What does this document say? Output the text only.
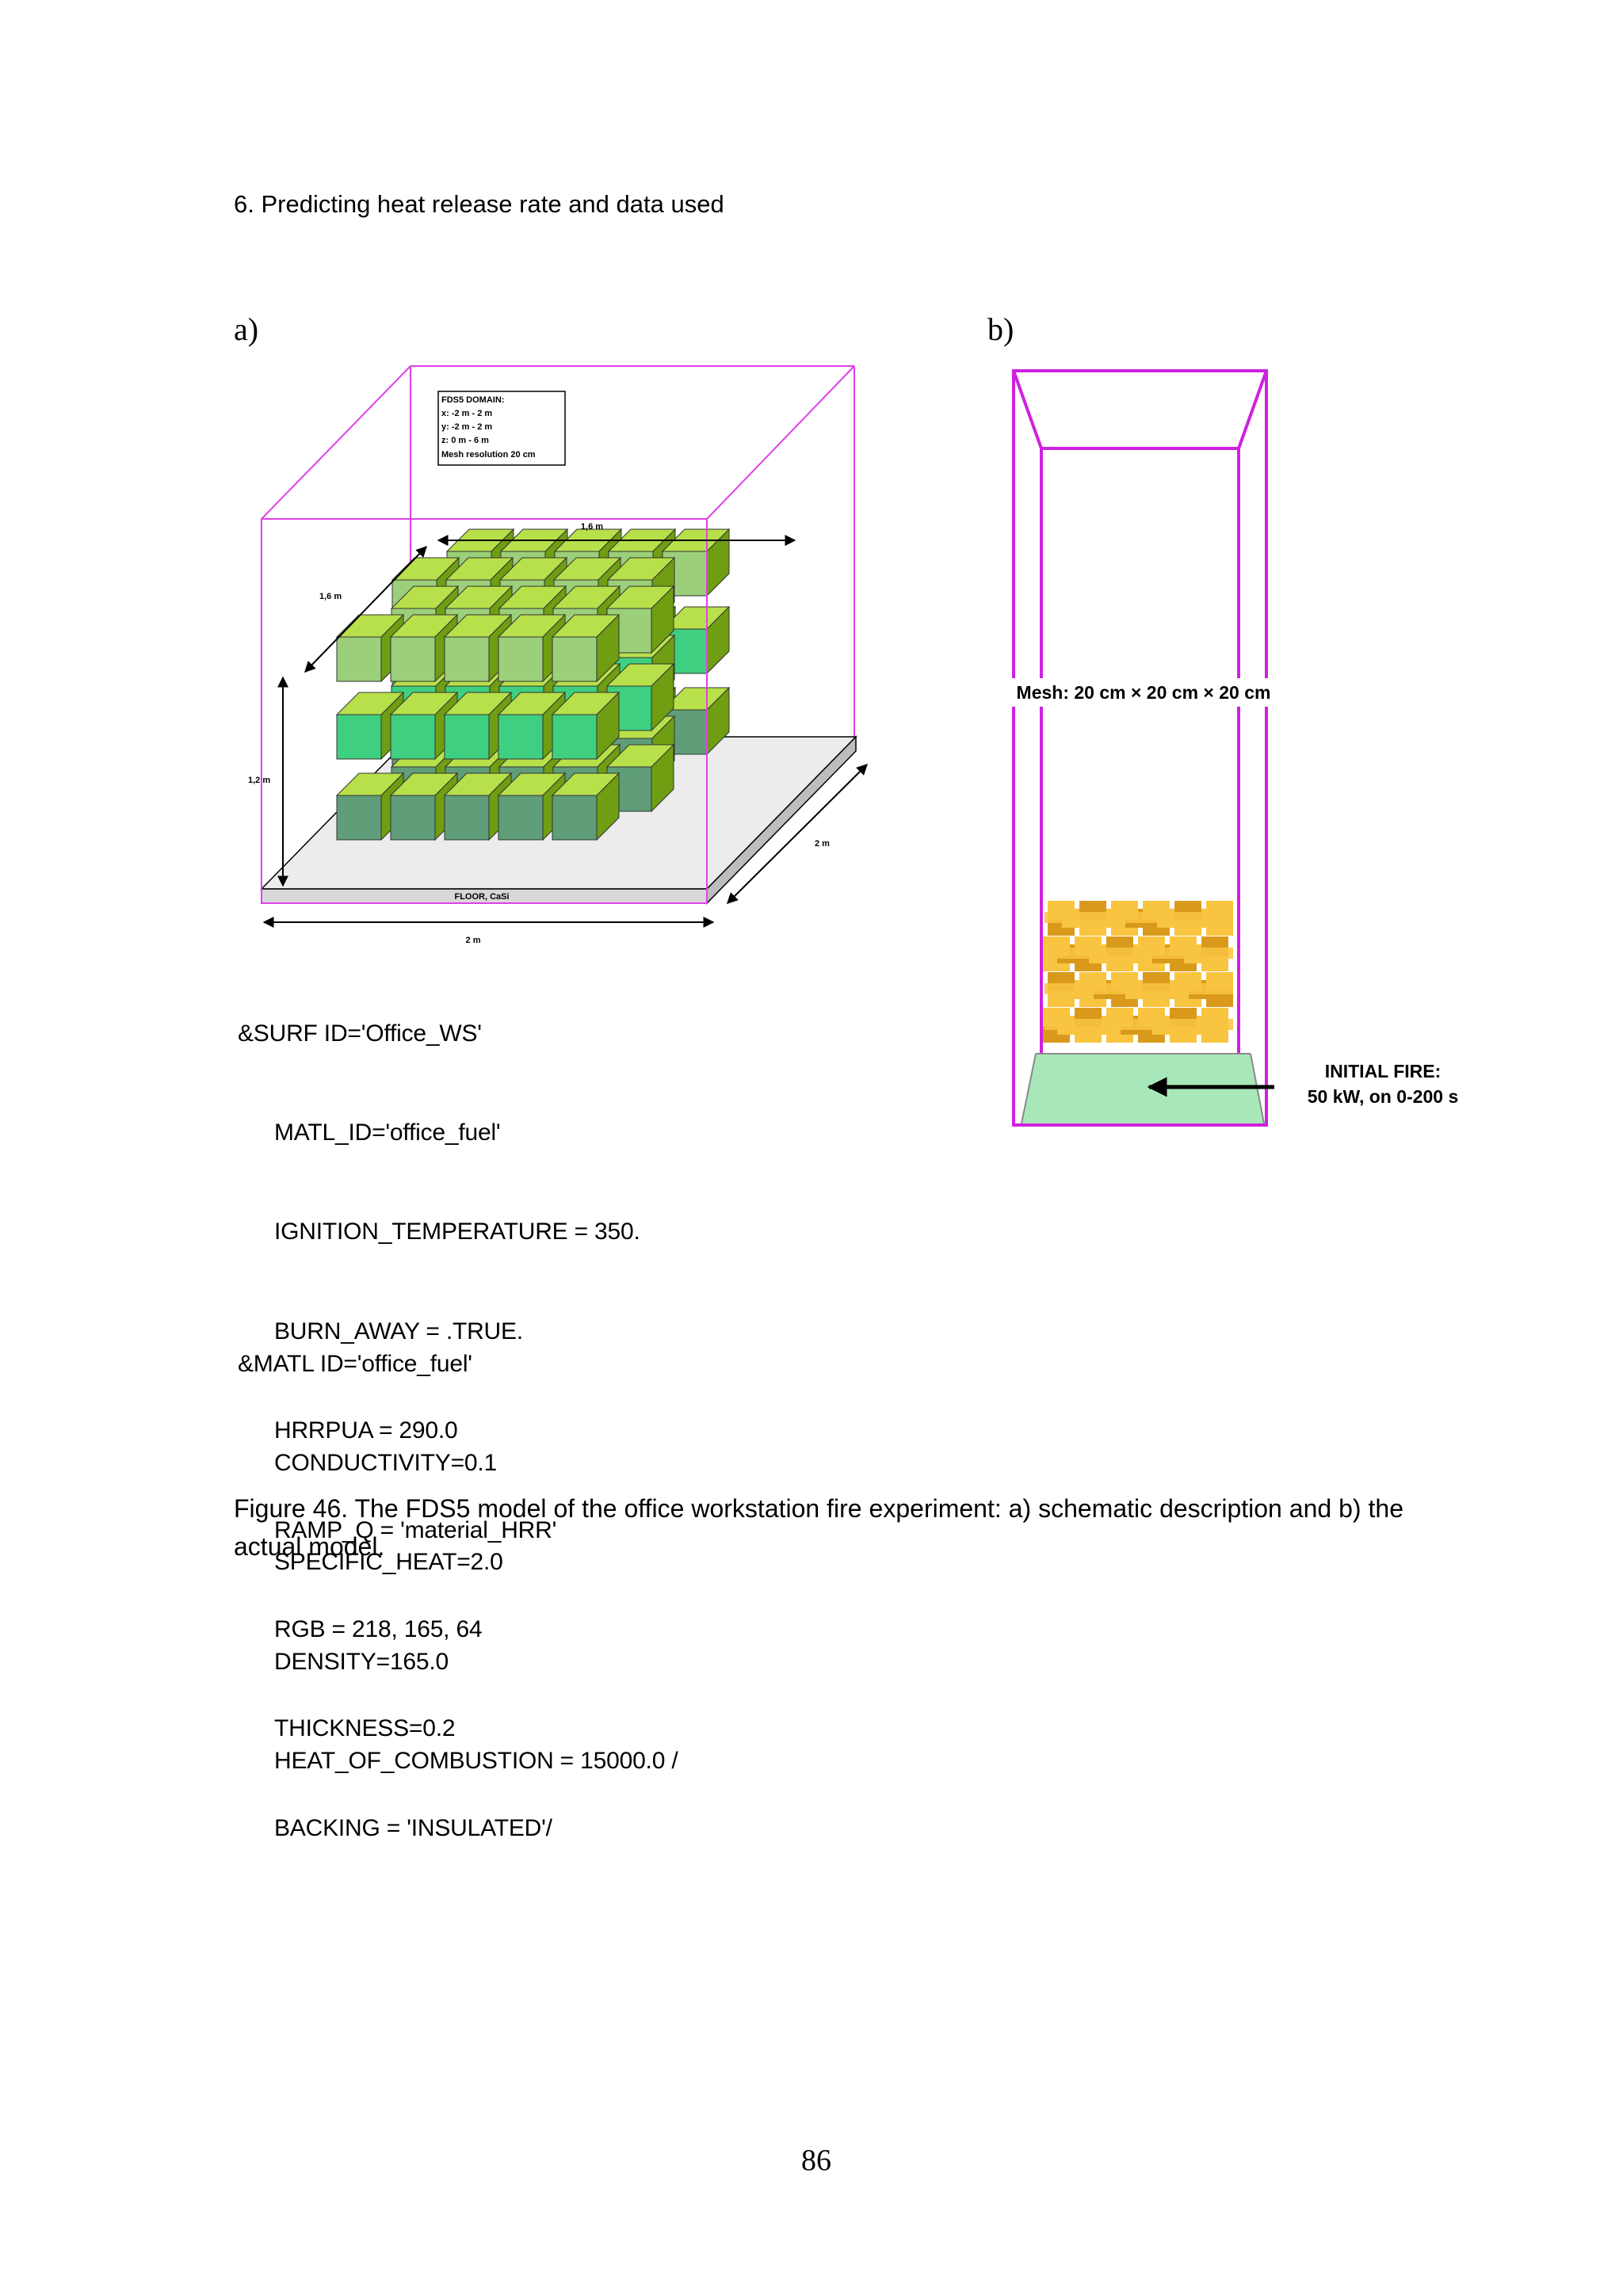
6. Predicting heat release rate and data used
a)	b)
FDS5 DOMAIN:
x: -2 m - 2 m
y: -2 m - 2 m
z: 0 m - 6 m
Mesh resolution 20 cm
1,6 m
1,6 m
1,2 m
2 m
2 m
FLOOR, CaSi
Mesh: 20 cm × 20 cm × 20 cm
INITIAL FIRE:
50 kW, on 0-200 s

&SURF ID='Office_WS'

MATL_ID='office_fuel'

IGNITION_TEMPERATURE = 350.

BURN_AWAY = .TRUE.

HRRPUA = 290.0

RAMP_Q = 'material_HRR'

RGB = 218, 165, 64

THICKNESS=0.2

BACKING = 'INSULATED'/

&MATL ID='office_fuel'

CONDUCTIVITY=0.1

SPECIFIC_HEAT=2.0

DENSITY=165.0

HEAT_OF_COMBUSTION = 15000.0 /

Figure 46. The FDS5 model of the office workstation fire experiment: a) schematic description and b) the actual model.

86
